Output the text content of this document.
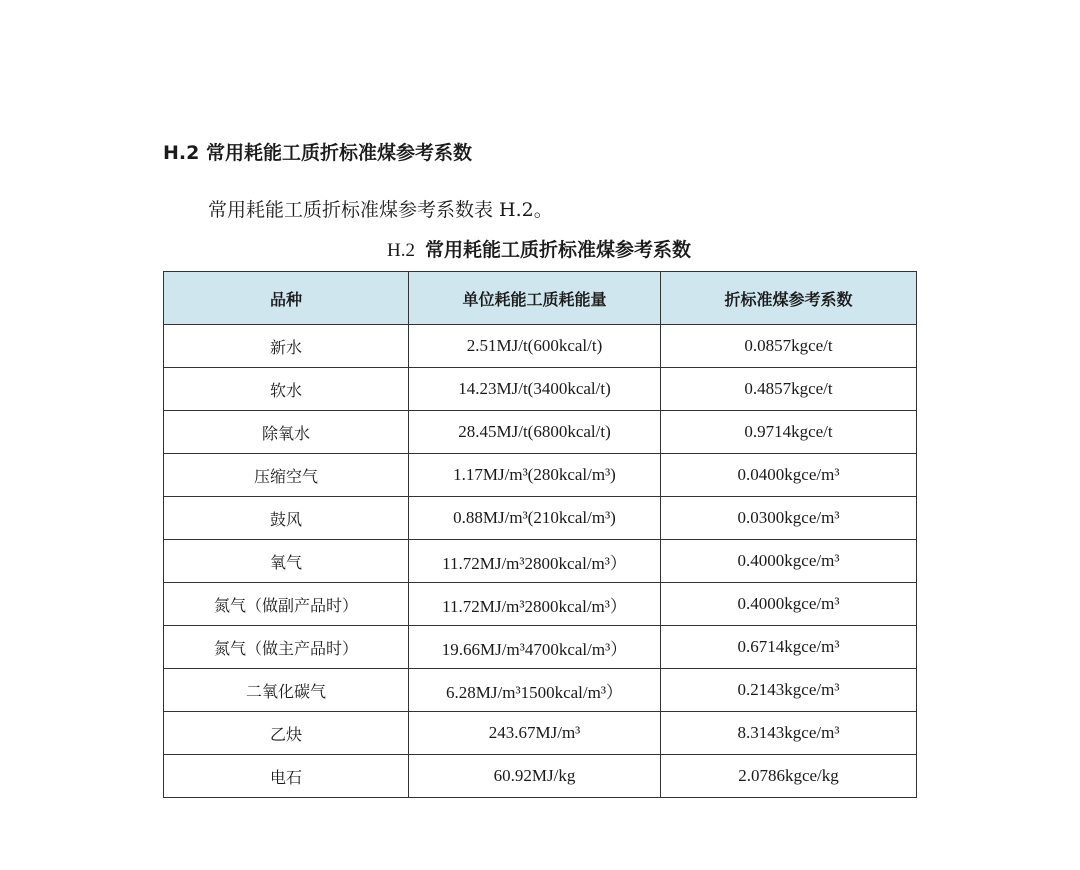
H.2 常用耗能工质折标准煤参考系数
常用耗能工质折标准煤参考系数表 H.2。
H.2 常用耗能工质折标准煤参考系数
品种	单位耗能工质耗能量	折标准煤参考系数
新水	2.51MJ/t(600kcal/t)	0.0857kgce/t
软水	14.23MJ/t(3400kcal/t)	0.4857kgce/t
除氧水	28.45MJ/t(6800kcal/t)	0.9714kgce/t
压缩空气	1.17MJ/m³(280kcal/m³)	0.0400kgce/m³
鼓风	0.88MJ/m³(210kcal/m³)	0.0300kgce/m³
氧气	11.72MJ/m³2800kcal/m³）	0.4000kgce/m³
氮气（做副产品时）	11.72MJ/m³2800kcal/m³）	0.4000kgce/m³
氮气（做主产品时）	19.66MJ/m³4700kcal/m³）	0.6714kgce/m³
二氧化碳气	6.28MJ/m³1500kcal/m³）	0.2143kgce/m³
乙炔	243.67MJ/m³	8.3143kgce/m³
电石	60.92MJ/kg	2.0786kgce/kg
